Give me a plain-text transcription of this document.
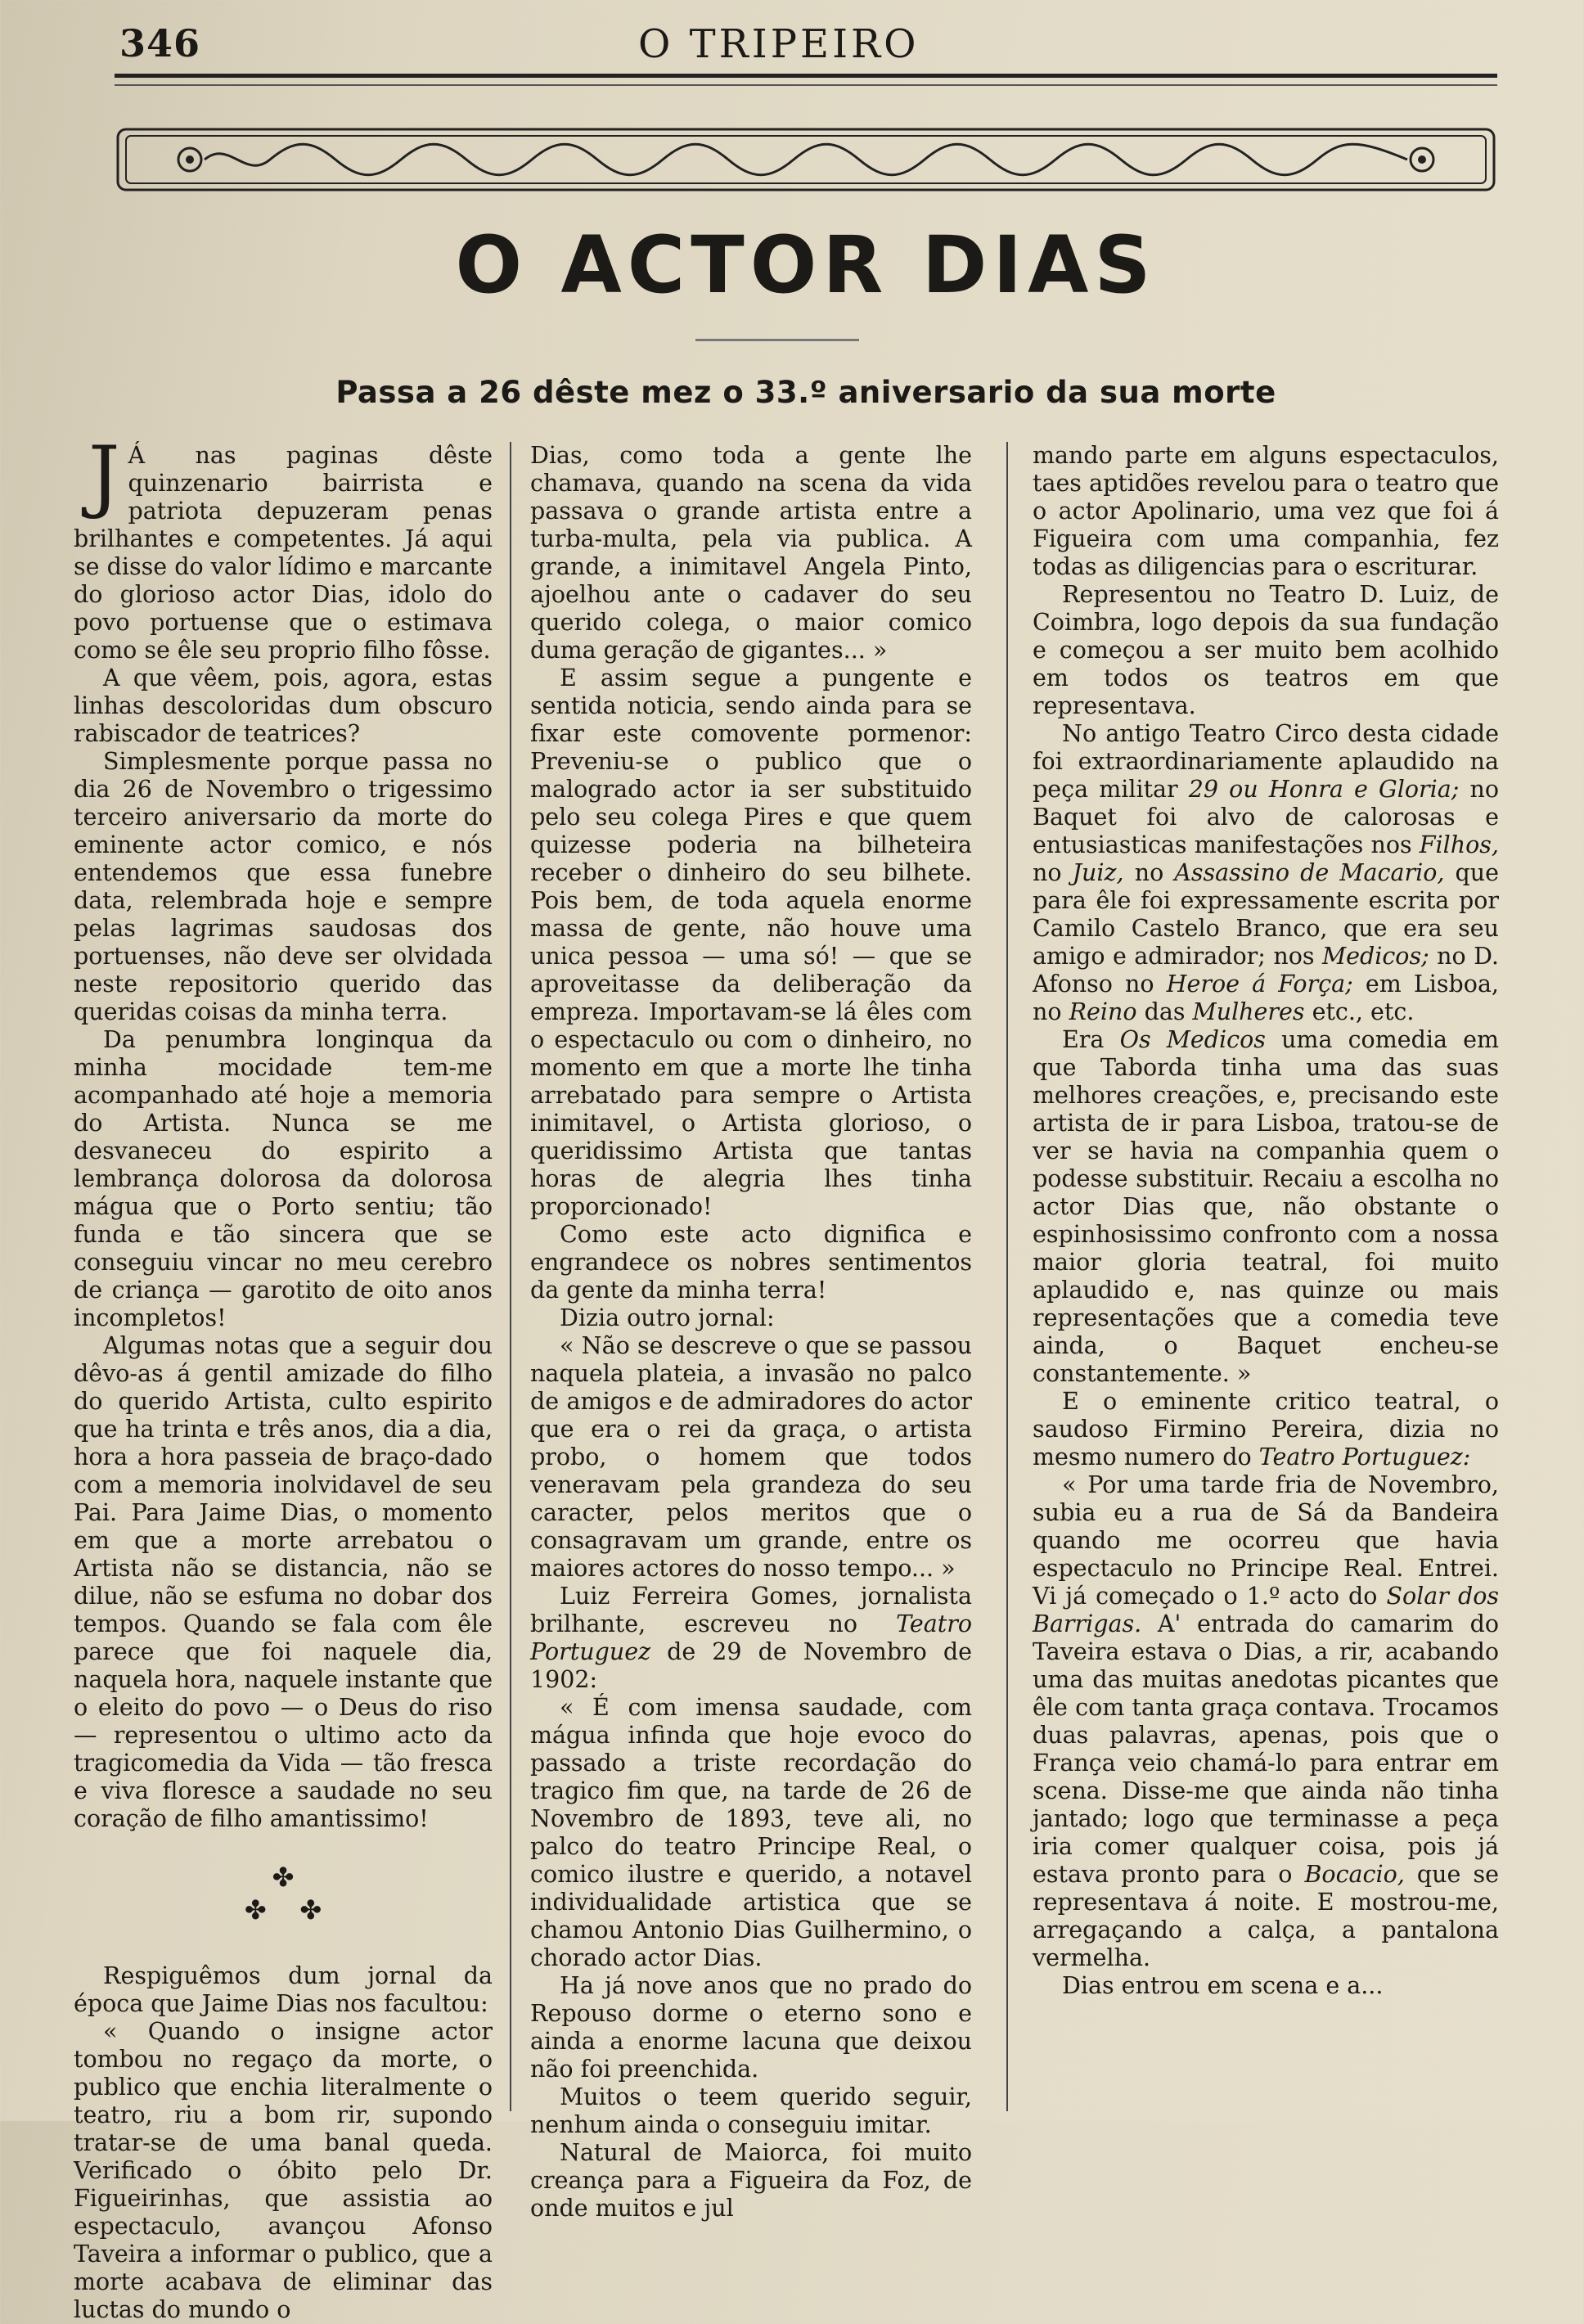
346	O TRIPEIRO
O ACTOR DIAS
Passa a 26 dêste mez o 33.º aniversario da sua morte

J Á nas paginas dêste quinzenario bairrista e patriota depuzeram penas brilhantes e competentes. Já aqui se disse do valor lídimo e marcante do glorioso actor Dias, idolo do povo portuense que o estimava como se êle seu proprio filho fôsse.

A que vêem, pois, agora, estas linhas descoloridas dum obscuro rabiscador de teatrices?

Simplesmente porque passa no dia 26 de Novembro o trigessimo terceiro aniversario da morte do eminente actor comico, e nós entendemos que essa funebre data, relembrada hoje e sempre pelas lagrimas saudosas dos portuenses, não deve ser olvidada neste repositorio querido das queridas coisas da minha terra.

Da penumbra longinqua da minha mocidade tem-me acompanhado até hoje a memoria do Artista. Nunca se me desvaneceu do espirito a lembrança dolorosa da dolorosa mágua que o Porto sentiu; tão funda e tão sincera que se conseguiu vincar no meu cerebro de criança — garotito de oito anos incompletos!

Algumas notas que a seguir dou dêvo-as á gentil amizade do filho do querido Artista, culto espirito que ha trinta e três anos, dia a dia, hora a hora passeia de braço-dado com a memoria inolvidavel de seu Pai. Para Jaime Dias, o momento em que a morte arrebatou o Artista não se distancia, não se dilue, não se esfuma no dobar dos tempos. Quando se fala com êle parece que foi naquele dia, naquela hora, naquele instante que o eleito do povo — o Deus do riso — representou o ultimo acto da tragicomedia da Vida — tão fresca e viva floresce a saudade no seu coração de filho amantissimo!

✤
✤    ✤

Respiguêmos dum jornal da época que Jaime Dias nos facultou:

« Quando o insigne actor tombou no regaço da morte, o publico que enchia literalmente o teatro, riu a bom rir, supondo tratar-se de uma banal queda. Verificado o óbito pelo Dr. Figueirinhas, que assistia ao espectaculo, avançou Afonso Taveira a informar o publico, que a morte acabava de eliminar das luctas do mundo o

Dias, como toda a gente lhe chamava, quando na scena da vida passava o grande artista entre a turba-multa, pela via publica. A grande, a inimitavel Angela Pinto, ajoelhou ante o cadaver do seu querido colega, o maior comico duma geração de gigantes... »

E assim segue a pungente e sentida noticia, sendo ainda para se fixar este comovente pormenor: Preveniu-se o publico que o malogrado actor ia ser substituido pelo seu colega Pires e que quem quizesse poderia na bilheteira receber o dinheiro do seu bilhete. Pois bem, de toda aquela enorme massa de gente, não houve uma unica pessoa — uma só! — que se aproveitasse da deliberação da empreza. Importavam-se lá êles com o espectaculo ou com o dinheiro, no momento em que a morte lhe tinha arrebatado para sempre o Artista inimitavel, o Artista glorioso, o queridissimo Artista que tantas horas de alegria lhes tinha proporcionado!

Como este acto dignifica e engrandece os nobres sentimentos da gente da minha terra!

Dizia outro jornal:

« Não se descreve o que se passou naquela plateia, a invasão no palco de amigos e de admiradores do actor que era o rei da graça, o artista probo, o homem que todos veneravam pela grandeza do seu caracter, pelos meritos que o consagravam um grande, entre os maiores actores do nosso tempo... »

Luiz Ferreira Gomes, jornalista brilhante, escreveu no Teatro Portuguez de 29 de Novembro de 1902:

« É com imensa saudade, com mágua infinda que hoje evoco do passado a triste recordação do tragico fim que, na tarde de 26 de Novembro de 1893, teve ali, no palco do teatro Principe Real, o comico ilustre e querido, a notavel individualidade artistica que se chamou Antonio Dias Guilhermino, o chorado actor Dias.

Ha já nove anos que no prado do Repouso dorme o eterno sono e ainda a enorme lacuna que deixou não foi preenchida.

Muitos o teem querido seguir, nenhum ainda o conseguiu imitar.

Natural de Maiorca, foi muito creança para a Figueira da Foz, de onde muitos e jul

mando parte em alguns espectaculos, taes aptidões revelou para o teatro que o actor Apolinario, uma vez que foi á Figueira com uma companhia, fez todas as diligencias para o escriturar.

Representou no Teatro D. Luiz, de Coimbra, logo depois da sua fundação e começou a ser muito bem acolhido em todos os teatros em que representava.

No antigo Teatro Circo desta cidade foi extraordinariamente aplaudido na peça militar 29 ou Honra e Gloria; no Baquet foi alvo de calorosas e entusiasticas manifestações nos Filhos, no Juiz, no Assassino de Macario, que para êle foi expressamente escrita por Camilo Castelo Branco, que era seu amigo e admirador; nos Medicos; no D. Afonso no Heroe á Força; em Lisboa, no Reino das Mulheres etc., etc.

Era Os Medicos uma comedia em que Taborda tinha uma das suas melhores creações, e, precisando este artista de ir para Lisboa, tratou-se de ver se havia na companhia quem o podesse substituir. Recaiu a escolha no actor Dias que, não obstante o espinhosissimo confronto com a nossa maior gloria teatral, foi muito aplaudido e, nas quinze ou mais representações que a comedia teve ainda, o Baquet encheu-se constantemente. »

E o eminente critico teatral, o saudoso Firmino Pereira, dizia no mesmo numero do Teatro Portuguez:

« Por uma tarde fria de Novembro, subia eu a rua de Sá da Bandeira quando me ocorreu que havia espectaculo no Principe Real. Entrei. Vi já começado o 1.º acto do Solar dos Barrigas. A' entrada do camarim do Taveira estava o Dias, a rir, acabando uma das muitas anedotas picantes que êle com tanta graça contava. Trocamos duas palavras, apenas, pois que o França veio chamá-lo para entrar em scena. Disse-me que ainda não tinha jantado; logo que terminasse a peça iria comer qualquer coisa, pois já estava pronto para o Bocacio, que se representava á noite. E mostrou-me, arregaçando a calça, a pantalona vermelha.

Dias entrou em scena e a...
